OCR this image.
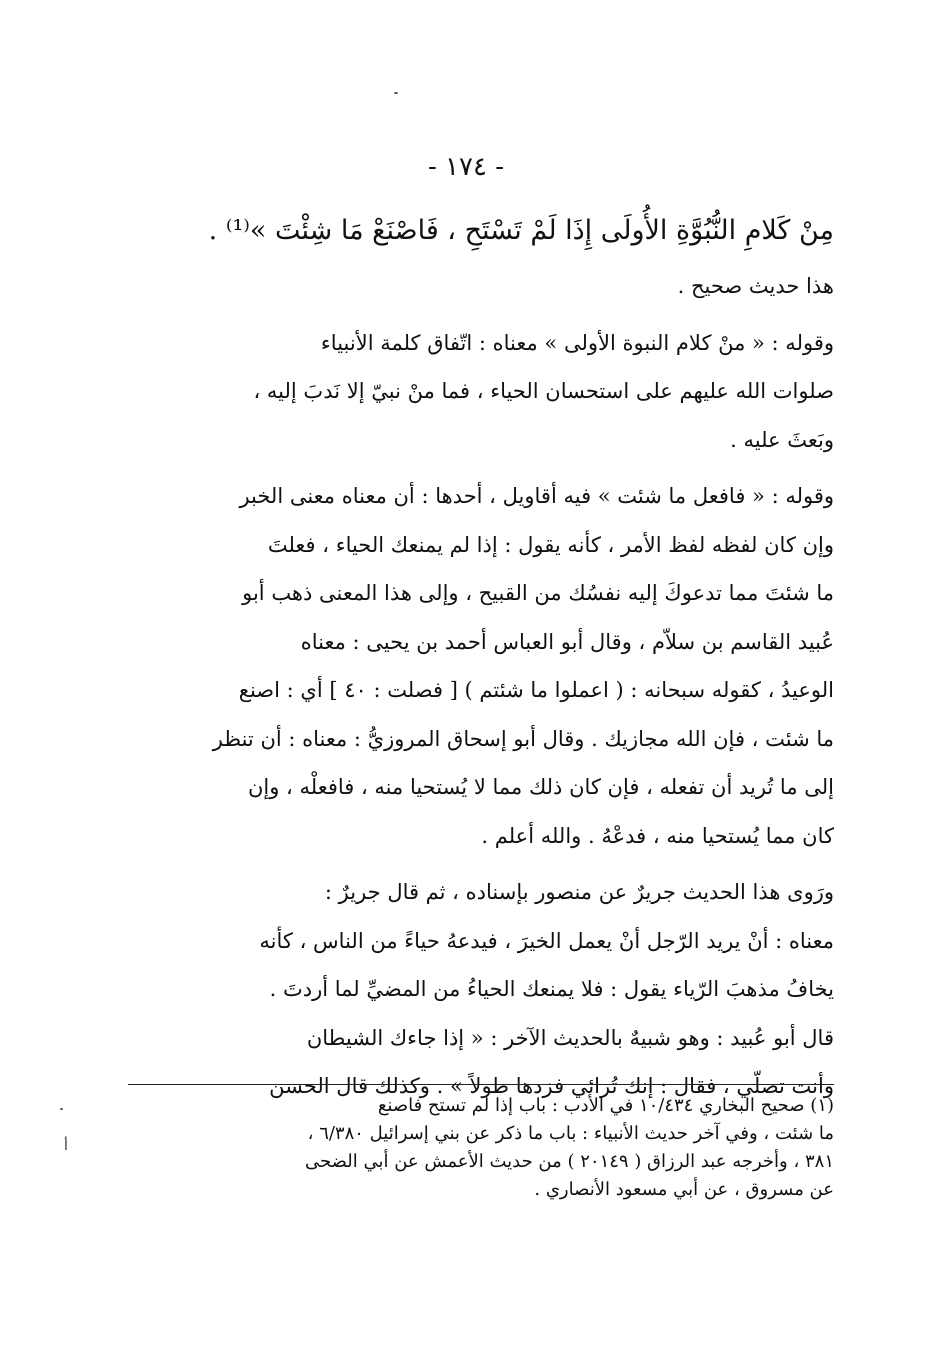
- ١٧٤ -
مِنْ كَلامِ النُّبُوَّةِ الأُولَى إِذَا لَمْ تَسْتَحِ ، فَاصْنَعْ مَا شِئْتَ »⁽¹⁾ .
هذا حديث صحيح .
وقوله : « منْ كلام النبوة الأولى » معناه : اتّفاق كلمة الأنبياء
صلوات الله عليهم على استحسان الحياء ، فما منْ نبيّ إلا نَدبَ إليه ،
وبَعثَ عليه .
وقوله : « فافعل ما شئت » فيه أقاويل ، أحدها : أن معناه معنى الخبر
وإن كان لفظه لفظ الأمر ، كأنه يقول : إذا لم يمنعك الحياء ، فعلتَ
ما شئتَ مما تدعوكَ إليه نفسُك من القبيح ، وإلى هذا المعنى ذهب أبو
عُبيد القاسم بن سلاّم ، وقال أبو العباس أحمد بن يحيى : معناه
الوعيدُ ، كقوله سبحانه : ( اعملوا ما شئتم ) [ فصلت : ٤٠ ] أي : اصنع
ما شئت ، فإن الله مجازيك . وقال أبو إسحاق المروزيُّ : معناه : أن تنظر
إلى ما تُريد أن تفعله ، فإن كان ذلك مما لا يُستحيا منه ، فافعلْه ، وإن
كان مما يُستحيا منه ، فدعْهُ . والله أعلم .
ورَوى هذا الحديث جريرٌ عن منصور بإسناده ، ثم قال جريرٌ :
معناه : أنْ يريد الرّجل أنْ يعمل الخيرَ ، فيدعهُ حياءً من الناس ، كأنه
يخافُ مذهبَ الرّياء يقول : فلا يمنعك الحياءُ من المضيِّ لما أردتَ .
قال أبو عُبيد : وهو شبيهٌ بالحديث الآخر : « إذا جاءك الشيطان
وأنت تصلّي ، فقال : إنك تُرائي فزدها طولاً » . وكذلك قال الحسن
(١) صحيح البخاري ١٠/٤٣٤ في الأدب : باب إذا لم تستح فاصنع
ما شئت ، وفي آخر حديث الأنبياء : باب ما ذكر عن بني إسرائيل ٦/٣٨٠ ،
٣٨١ ، وأخرجه عبد الرزاق ( ٢٠١٤٩ ) من حديث الأعمش عن أبي الضحى
عن مسروق ، عن أبي مسعود الأنصاري .
أ
